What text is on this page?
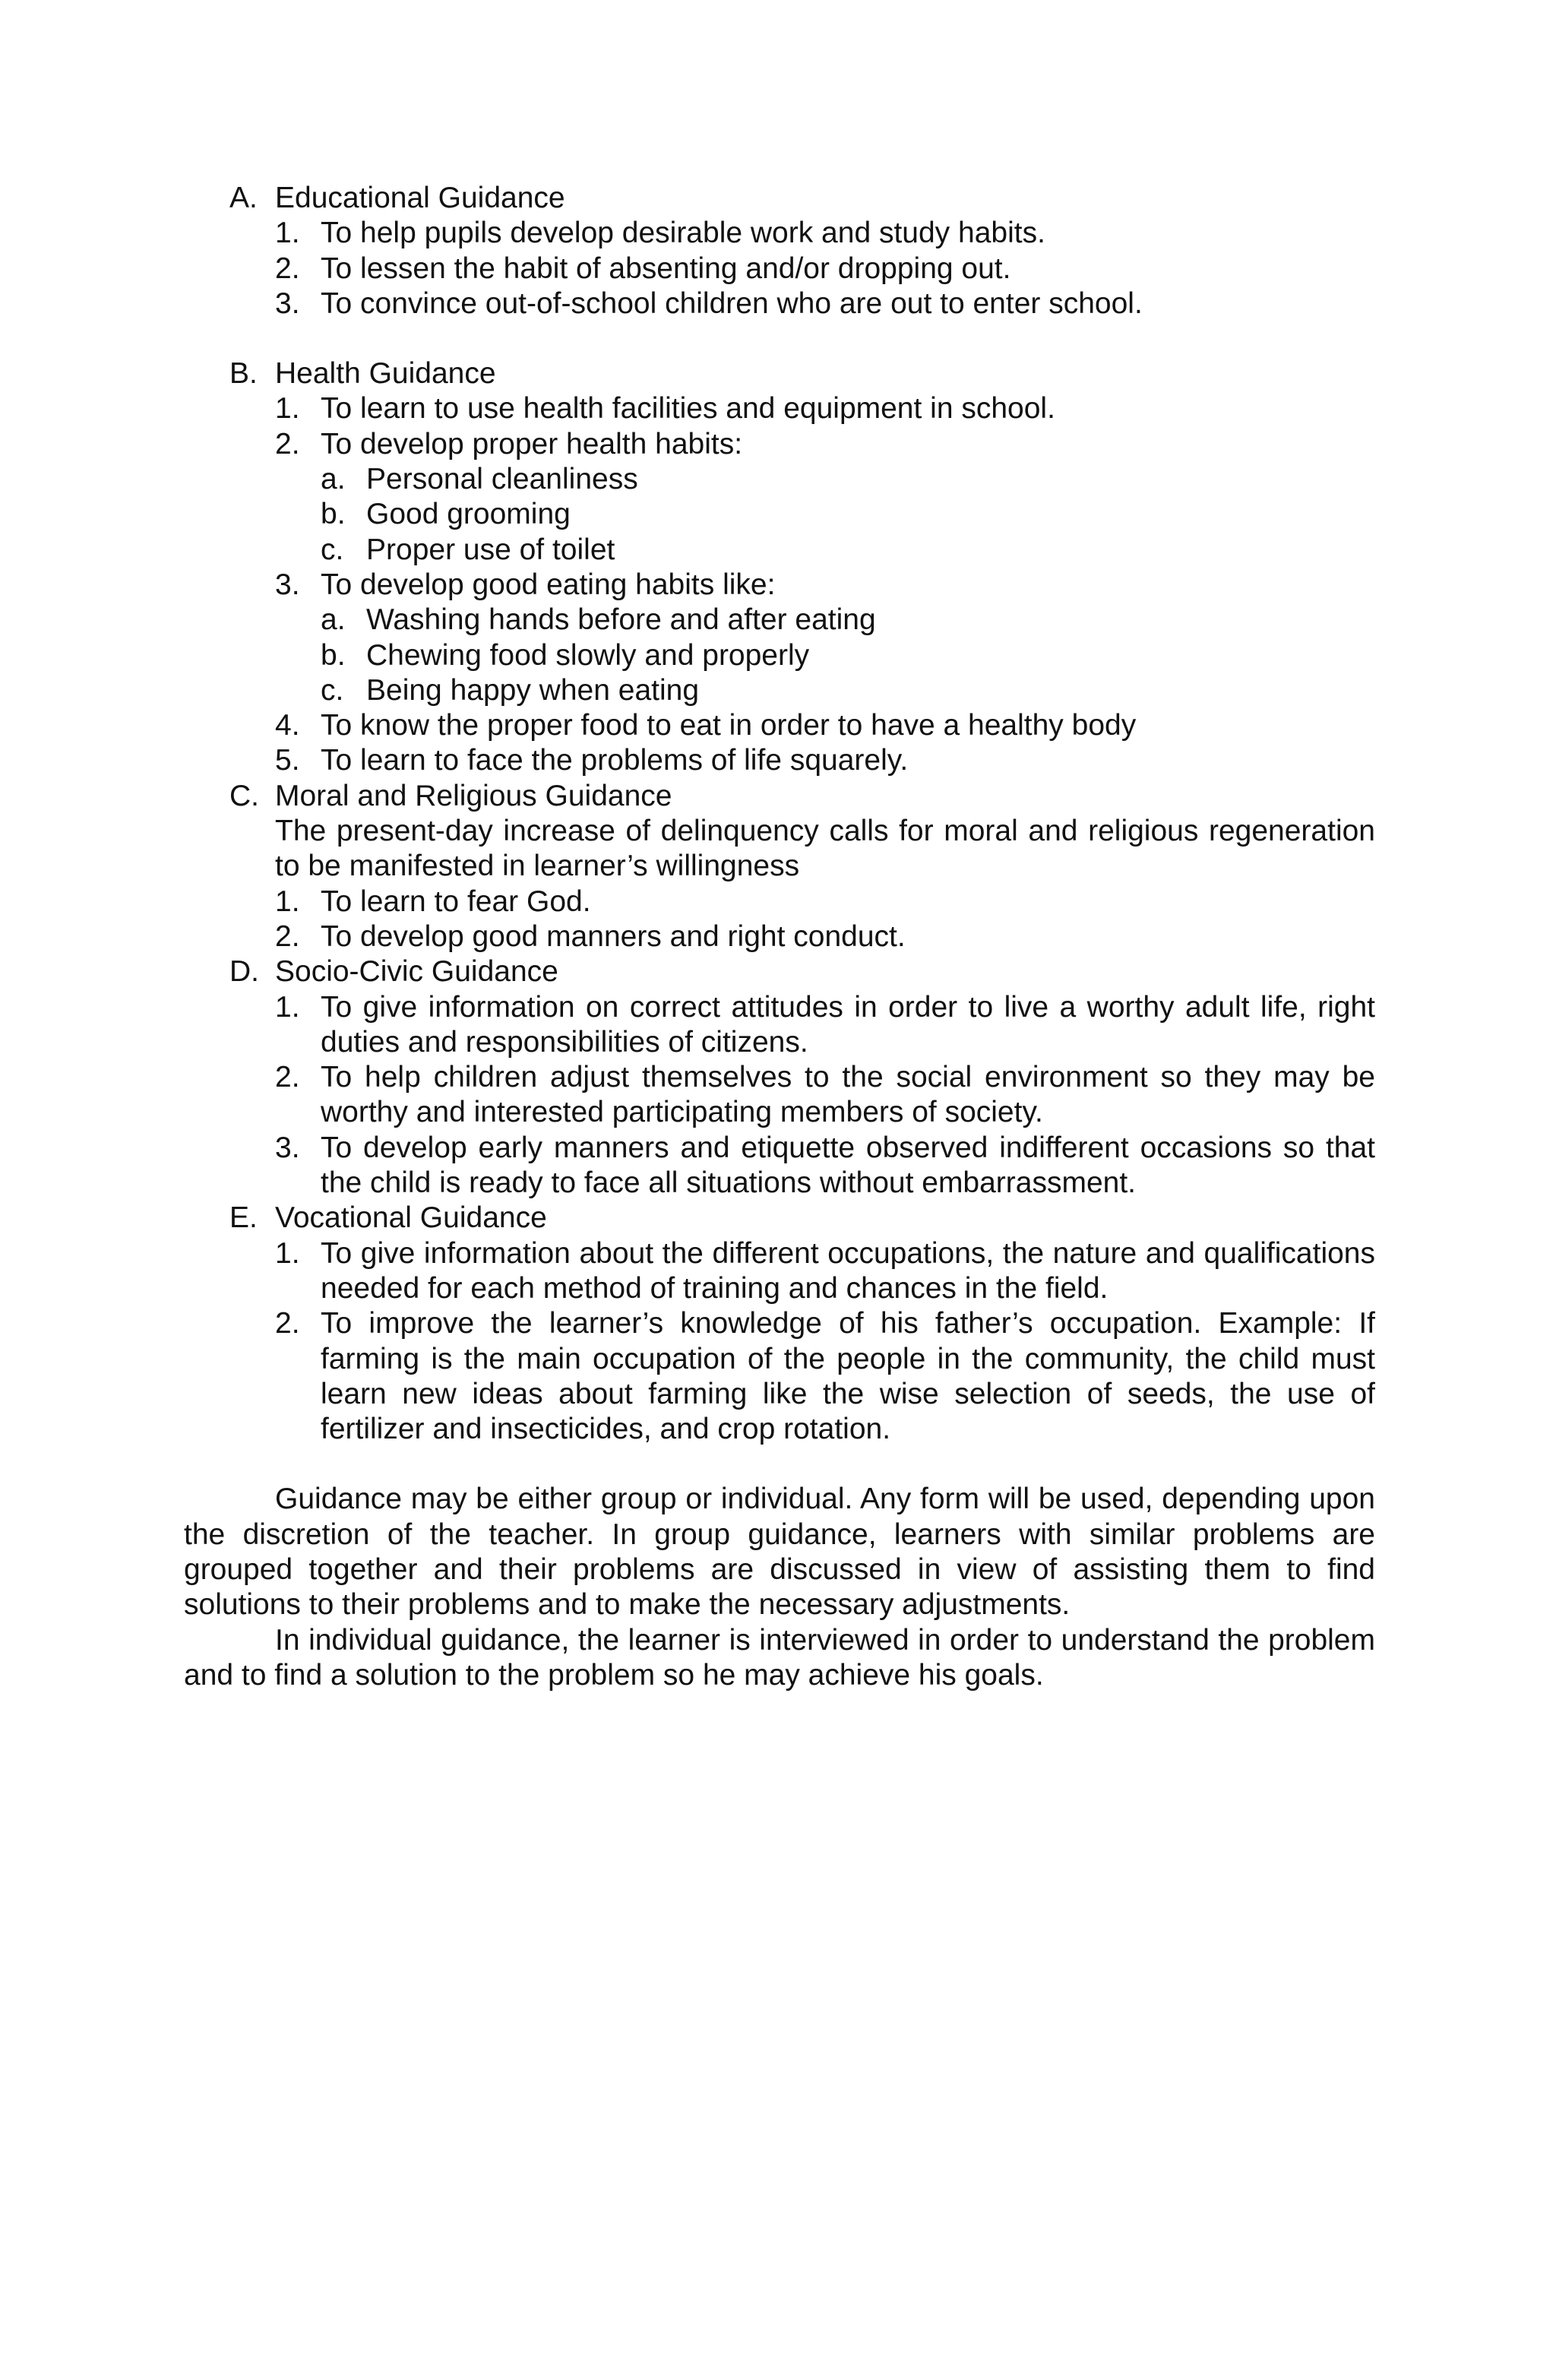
A. Educational Guidance
1. To help pupils develop desirable work and study habits.
2. To lessen the habit of absenting and/or dropping out.
3. To convince out-of-school children who are out to enter school.
B. Health Guidance
1. To learn to use health facilities and equipment in school.
2. To develop proper health habits:
a. Personal cleanliness
b. Good grooming
c. Proper use of toilet
3. To develop good eating habits like:
a. Washing hands before and after eating
b. Chewing food slowly and properly
c. Being happy when eating
4. To know the proper food to eat in order to have a healthy body
5. To learn to face the problems of life squarely.
C. Moral and Religious Guidance
The present-day increase of delinquency calls for moral and religious regeneration to be manifested in learner’s willingness
1. To learn to fear God.
2. To develop good manners and right conduct.
D. Socio-Civic Guidance
1. To give information on correct attitudes in order to live a worthy adult life, right duties and responsibilities of citizens.
2. To help children adjust themselves to the social environment so they may be worthy and interested participating members of society.
3. To develop early manners and etiquette observed indifferent occasions so that the child is ready to face all situations without embarrassment.
E. Vocational Guidance
1. To give information about the different occupations, the nature and qualifications needed for each method of training and chances in the field.
2. To improve the learner’s knowledge of his father’s occupation. Example: If farming is the main occupation of the people in the community, the child must learn new ideas about farming like the wise selection of seeds, the use of fertilizer and insecticides, and crop rotation.

Guidance may be either group or individual. Any form will be used, depending upon the discretion of the teacher. In group guidance, learners with similar problems are grouped together and their problems are discussed in view of assisting them to find solutions to their problems and to make the necessary adjustments.

In individual guidance, the learner is interviewed in order to understand the problem and to find a solution to the problem so he may achieve his goals.
